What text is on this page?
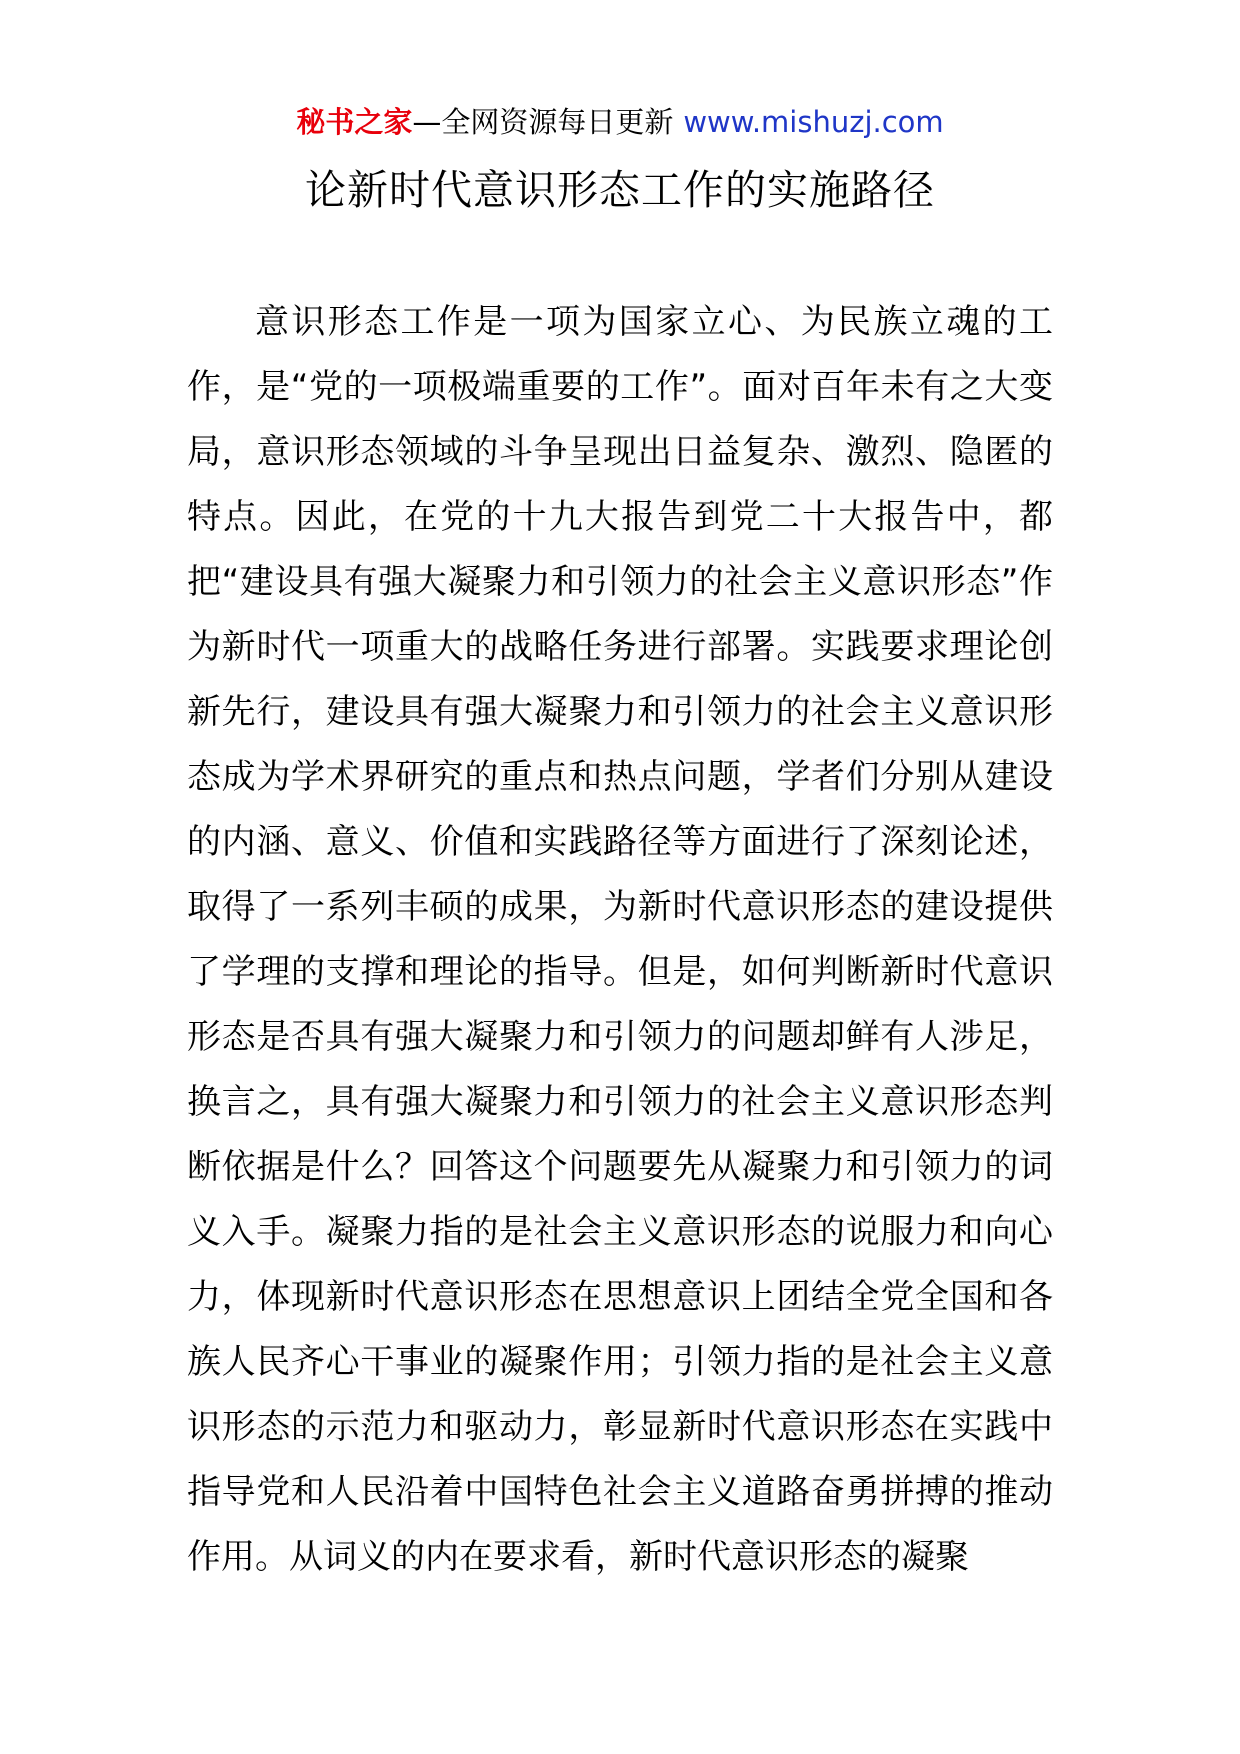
秘书之家—全网资源每日更新 www.mishuzj.com
论新时代意识形态工作的实施路径

意识形态工作是一项为国家立心、为民族立魂的工作，是“党的一项极端重要的工作”。面对百年未有之大变局，意识形态领域的斗争呈现出日益复杂、激烈、隐匿的特点。因此，在党的十九大报告到党二十大报告中，都把“建设具有强大凝聚力和引领力的社会主义意识形态”作为新时代一项重大的战略任务进行部署。实践要求理论创新先行，建设具有强大凝聚力和引领力的社会主义意识形态成为学术界研究的重点和热点问题，学者们分别从建设的内涵、意义、价值和实践路径等方面进行了深刻论述，取得了一系列丰硕的成果，为新时代意识形态的建设提供了学理的支撑和理论的指导。但是，如何判断新时代意识形态是否具有强大凝聚力和引领力的问题却鲜有人涉足，换言之，具有强大凝聚力和引领力的社会主义意识形态判断依据是什么？回答这个问题要先从凝聚力和引领力的词义入手。凝聚力指的是社会主义意识形态的说服力和向心力，体现新时代意识形态在思想意识上团结全党全国和各族人民齐心干事业的凝聚作用；引领力指的是社会主义意识形态的示范力和驱动力，彰显新时代意识形态在实践中指导党和人民沿着中国特色社会主义道路奋勇拼搏的推动作用。从词义的内在要求看，新时代意识形态的凝聚
